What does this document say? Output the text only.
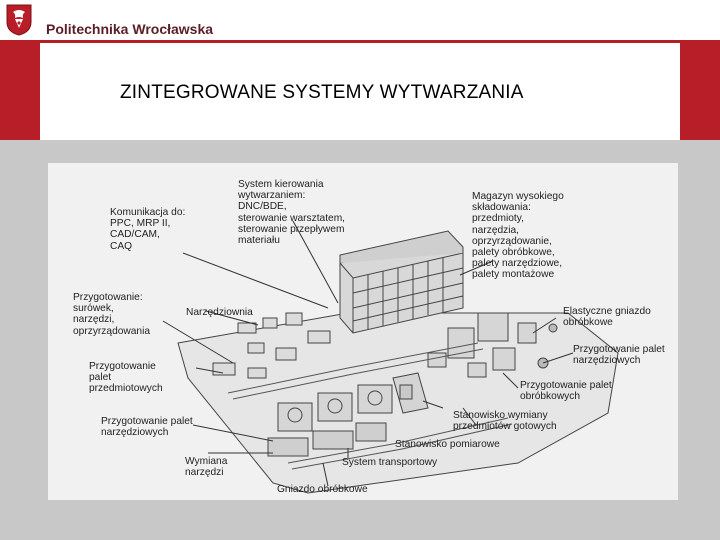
Politechnika Wrocławska
ZINTEGROWANE SYSTEMY WYTWARZANIA
System kierowania
wytwarzaniem:
DNC/BDE,
sterowanie warsztatem,
sterowanie przepływem
materiału
Komunikacja do:
PPC, MRP II,
CAD/CAM,
CAQ
Magazyn wysokiego
składowania:
przedmioty,
narzędzia,
oprzyrządowanie,
palety obróbkowe,
palety narzędziowe,
palety montażowe
Przygotowanie:
surówek,
narzędzi,
oprzyrządowania
Narzędziownia	Elastyczne gniazdo
obróbkowe
Przygotowanie
palet
przedmiotowych
Przygotowanie palet
narzędziowych
Przygotowanie palet
obróbkowych
Przygotowanie palet
narzędziowych
Stanowisko wymiany
przedmiotów gotowych
Stanowisko pomiarowe
Wymiana
narzędzi
System transportowy
Gniazdo obróbkowe
